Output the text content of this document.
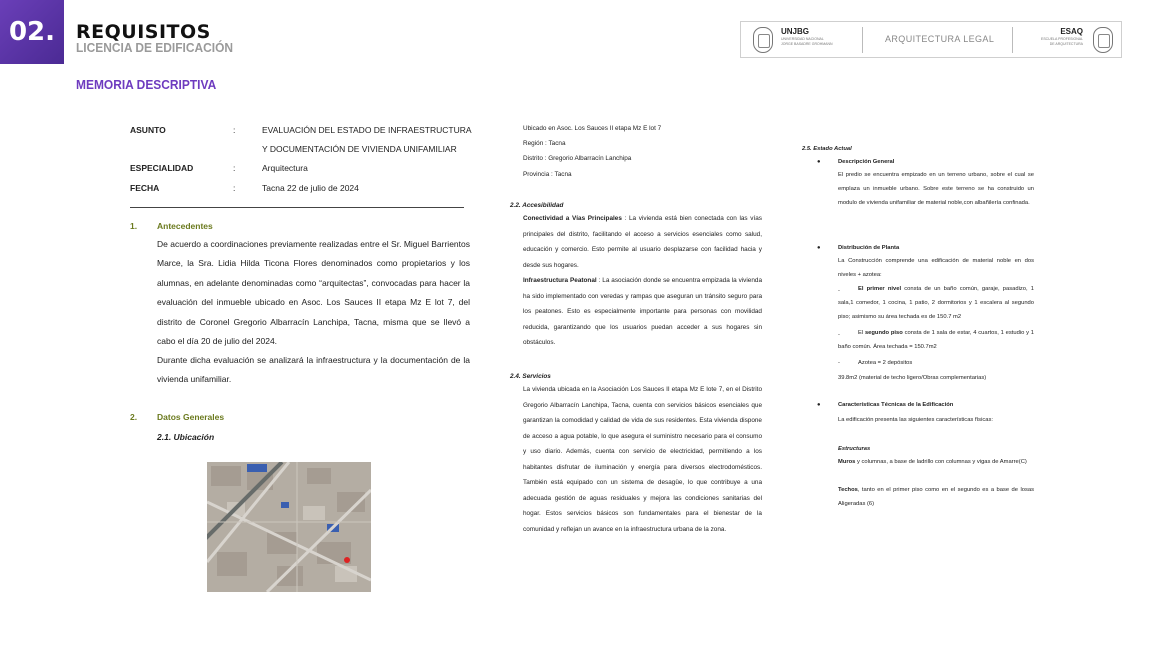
02.	REQUISITOS
LICENCIA DE EDIFICACIÓN
MEMORIA DESCRIPTIVA
UNJBG
UNIVERSIDAD NACIONAL
JORGE BASADRE GROHMANN	ARQUITECTURA LEGAL
ESAQ
ESCUELA PROFESIONAL
DE ARQUITECTURA
ASUNTO	:	EVALUACIÓN DEL ESTADO DE INFRAESTRUCTURA
Y DOCUMENTACIÓN DE VIVIENDA UNIFAMILIAR
ESPECIALIDAD	:	Arquitectura
FECHA	:	Tacna 22 de julio de 2024
1. Antecedentes
De acuerdo a coordinaciones previamente realizadas entre el Sr. Miguel Barrientos Marce, la Sra. Lidia Hilda Ticona Flores denominados como propietarios y los alumnas, en adelante denominadas como “arquitectas”, convocadas para hacer la evaluación del inmueble ubicado en Asoc. Los Sauces II etapa Mz E lot 7, del distrito de Coronel Gregorio Albarracín Lanchipa, Tacna, misma que se llevó a cabo el día 20 de julio del 2024.
Durante dicha evaluación se analizará la infraestructura y la documentación de la vivienda unifamiliar.
2. Datos Generales
2.1. Ubicación
Ubicado en Asoc. Los Sauces II etapa Mz E lot 7
Región : Tacna
Distrito : Gregorio Albarracín Lanchipa
Provincia : Tacna
2.2. Accesibilidad
Conectividad a Vías Principales : La vivienda está bien conectada con las vías principales del distrito, facilitando el acceso a servicios esenciales como salud, educación y comercio. Esto permite al usuario desplazarse con facilidad hacia y desde sus hogares.
Infraestructura Peatonal : La asociación donde se encuentra empizada la vivienda ha sido implementado con veredas y rampas que aseguran un tránsito seguro para los peatones. Esto es especialmente importante para personas con movilidad reducida, garantizando que los usuarios puedan acceder a sus hogares sin obstáculos.
2.4. Servicios
La vivienda ubicada en la Asociación Los Sauces II etapa Mz E lote 7, en el Distrito Gregorio Albarracín Lanchipa, Tacna, cuenta con servicios básicos esenciales que garantizan la comodidad y calidad de vida de sus residentes. Esta vivienda dispone de acceso a agua potable, lo que asegura el suministro necesario para el consumo y uso diario. Además, cuenta con servicio de electricidad, permitiendo a los habitantes disfrutar de iluminación y energía para diversos electrodomésticos. También está equipado con un sistema de desagüe, lo que contribuye a una adecuada gestión de aguas residuales y mejora las condiciones sanitarias del hogar. Estos servicios básicos son fundamentales para el bienestar de la comunidad y reflejan un avance en la infraestructura urbana de la zona.
2.5. Estado Actual
●	Descripción General
El predio se encuentra empizado en un terreno urbano, sobre el cual se emplaza un inmueble urbano. Sobre este terreno se ha construido un modulo de vivienda unifamiliar de material noble,con albañilería confinada.
●	Distribución de Planta
La Construcción comprende una edificación de material noble en dos niveles + azotea:
-	El primer nivel consta de un baño común, garaje, pasadizo, 1 sala,1 comedor, 1 cocina, 1 patio, 2 dormitorios y 1 escalera al segundo piso; asimismo su área techada es de 150.7 m2
-	El segundo piso consta de 1 sala de estar, 4 cuartos, 1 estudio y 1 baño común. Área techada = 150.7m2
-	Azotea = 2 depósitos
39.8m2 (material de techo ligero/Obras complementarias)
●	Características Técnicas de la Edificación
La edificación presenta las siguientes características físicas:
Estructuras
Muros y columnas, a base de ladrillo con columnas y vigas de Amarre(C)
Techos, tanto en el primer piso como en el segundo es a base de losas Aligeradas (6)
